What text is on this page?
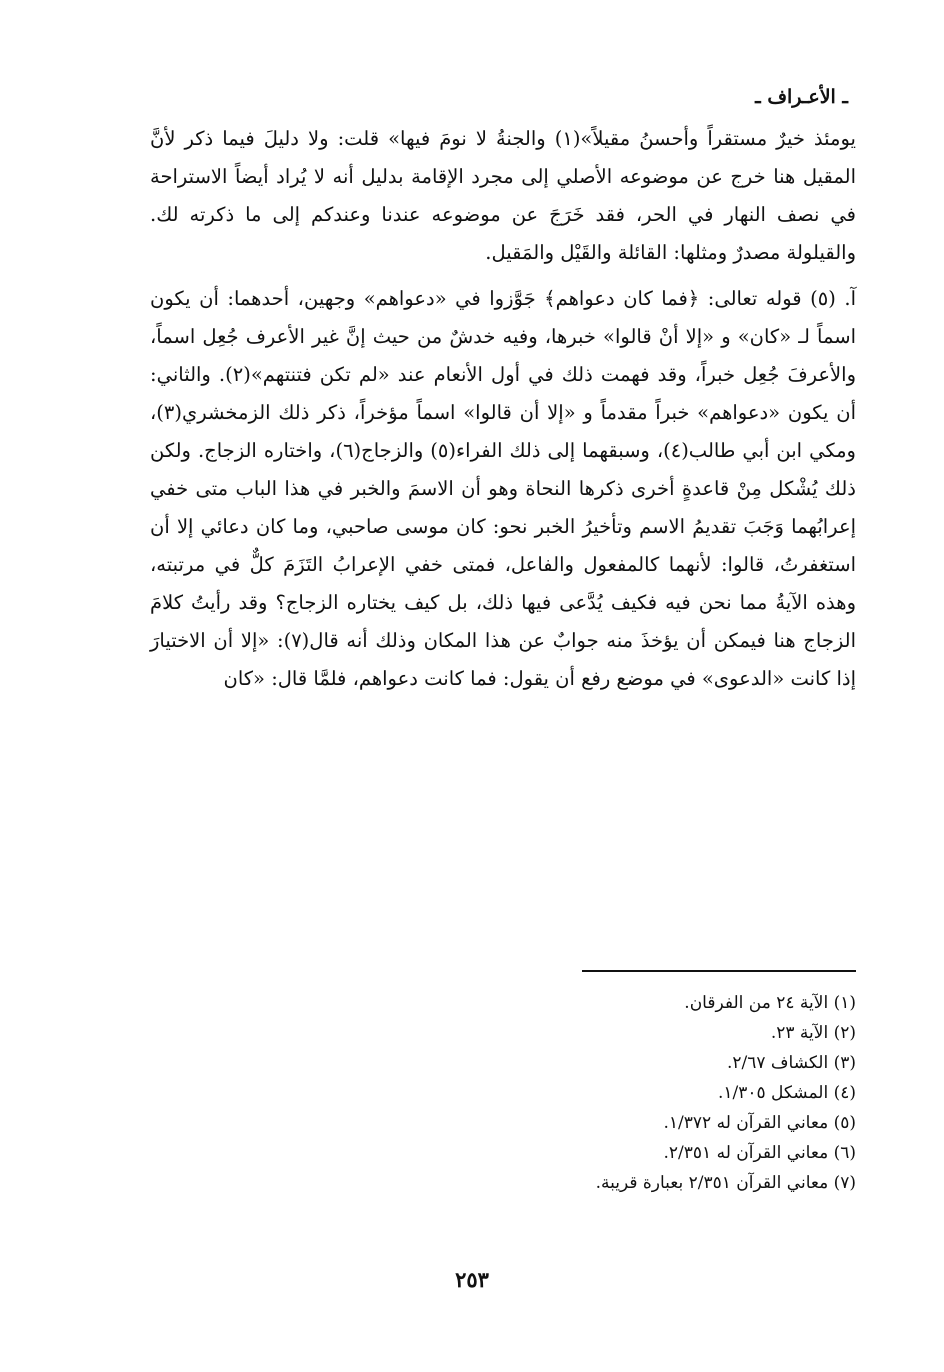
ـ الأعـراف ـ

يومئذ خيرٌ مستقراً وأحسنُ مقيلاً»(١) والجنةُ لا نومَ فيها» قلت: ولا دليلَ فيما ذكر لأنَّ المقيل هنا خرج عن موضوعه الأصلي إلى مجرد الإقامة بدليل أنه لا يُراد أيضاً الاستراحة في نصف النهار في الحر، فقد خَرَجَ عن موضوعه عندنا وعندكم إلى ما ذكرته لك. والقيلولة مصدرٌ ومثلها: القائلة والقَيْل والمَقيل.

آ. (٥) قوله تعالى: ﴿فما كان دعواهم﴾ جَوَّزوا في «دعواهم» وجهين، أحدهما: أن يكون اسماً لـ «كان» و «إلا أنْ قالوا» خبرها، وفيه خدشٌ من حيث إنَّ غير الأعرف جُعِل اسماً، والأعرفَ جُعِل خبراً، وقد فهمت ذلك في أول الأنعام عند «لم تكن فتنتهم»(٢). والثاني: أن يكون «دعواهم» خبراً مقدماً و «إلا أن قالوا» اسماً مؤخراً، ذكر ذلك الزمخشري(٣)، ومكي ابن أبي طالب(٤)، وسبقهما إلى ذلك الفراء(٥) والزجاج(٦)، واختاره الزجاج. ولكن ذلك يُشْكل مِنْ قاعدةٍ أخرى ذكرها النحاة وهو أن الاسمَ والخبر في هذا الباب متى خفي إعرابُهما وَجَبَ تقديمُ الاسم وتأخيرُ الخبر نحو: كان موسى صاحبي، وما كان دعائي إلا أن استغفرتُ، قالوا: لأنهما كالمفعول والفاعل، فمتى خفي الإعرابُ التَزَمَ كلٌّ في مرتبته، وهذه الآيةُ مما نحن فيه فكيف يُدَّعى فيها ذلك، بل كيف يختاره الزجاج؟ وقد رأيتُ كلامَ الزجاج هنا فيمكن أن يؤخذَ منه جوابٌ عن هذا المكان وذلك أنه قال(٧): «إلا أن الاختيارَ إذا كانت «الدعوى» في موضع رفع أن يقول: فما كانت دعواهم، فلمَّا قال: «كان

(١) الآية ٢٤ من الفرقان.
(٢) الآية ٢٣.
(٣) الكشاف ٢/٦٧.
(٤) المشكل ١/٣٠٥.
(٥) معاني القرآن له ١/٣٧٢.
(٦) معاني القرآن له ٢/٣٥١.
(٧) معاني القرآن ٢/٣٥١ بعبارة قريبة.
٢٥٣
